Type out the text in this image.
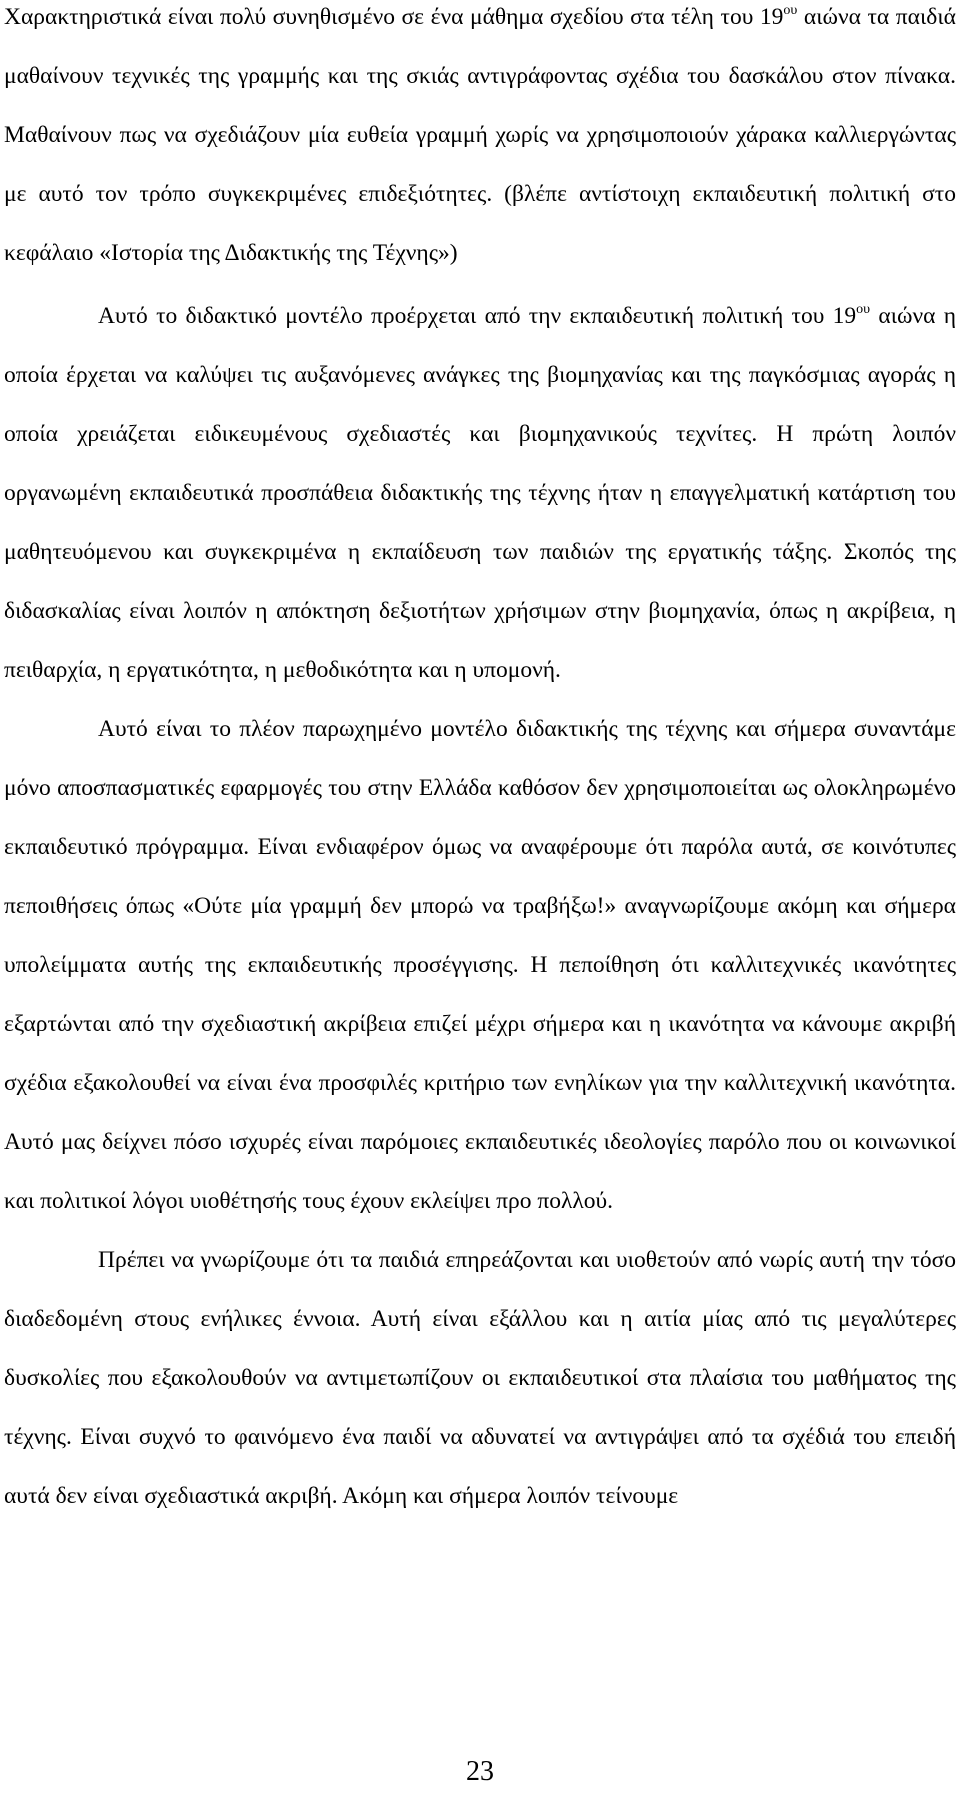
Χαρακτηριστικά είναι πολύ συνηθισμένο σε ένα μάθημα σχεδίου στα τέλη του $19^{o\upsilon}$ αιώνα τα παιδιά μαθαίνουν τεχνικές της γραμμής και της σκιάς αντιγράφοντας σχέδια του δασκάλου στον πίνακα. Μαθαίνουν πως να σχεδιάζουν μία ευθεία γραμμή χωρίς να χρησιμοποιούν χάρακα καλλιεργώντας με αυτό τον τρόπο συγκεκριμένες επιδεξιότητες. (βλέπε αντίστοιχη εκπαιδευτική πολιτική στο κεφάλαιο «Ιστορία της Διδακτικής της Τέχνης»)

Αυτό το διδακτικό μοντέλο προέρχεται από την εκπαιδευτική πολιτική του $19^{o\upsilon}$ αιώνα η οποία έρχεται να καλύψει τις αυξανόμενες ανάγκες της βιομηχανίας και της παγκόσμιας αγοράς η οποία χρειάζεται ειδικευμένους σχεδιαστές και βιομηχανικούς τεχνίτες. Η πρώτη λοιπόν οργανωμένη εκπαιδευτικά προσπάθεια διδακτικής της τέχνης ήταν η επαγγελματική κατάρτιση του μαθητευόμενου και συγκεκριμένα η εκπαίδευση των παιδιών της εργατικής τάξης. Σκοπός της διδασκαλίας είναι λοιπόν η απόκτηση δεξιοτήτων χρήσιμων στην βιομηχανία, όπως η ακρίβεια, η πειθαρχία, η εργατικότητα, η μεθοδικότητα και η υπομονή.

Αυτό είναι το πλέον παρωχημένο μοντέλο διδακτικής της τέχνης και σήμερα συναντάμε μόνο αποσπασματικές εφαρμογές του στην Ελλάδα καθόσον δεν χρησιμοποιείται ως ολοκληρωμένο εκπαιδευτικό πρόγραμμα. Είναι ενδιαφέρον όμως να αναφέρουμε ότι παρόλα αυτά, σε κοινότυπες πεποιθήσεις όπως «Ούτε μία γραμμή δεν μπορώ να τραβήξω!» αναγνωρίζουμε ακόμη και σήμερα υπολείμματα αυτής της εκπαιδευτικής προσέγγισης. Η πεποίθηση ότι καλλιτεχνικές ικανότητες εξαρτώνται από την σχεδιαστική ακρίβεια επιζεί μέχρι σήμερα και η ικανότητα να κάνουμε ακριβή σχέδια εξακολουθεί να είναι ένα προσφιλές κριτήριο των ενηλίκων για την καλλιτεχνική ικανότητα. Αυτό μας δείχνει πόσο ισχυρές είναι παρόμοιες εκπαιδευτικές ιδεολογίες παρόλο που οι κοινωνικοί και πολιτικοί λόγοι υιοθέτησής τους έχουν εκλείψει προ πολλού.

Πρέπει να γνωρίζουμε ότι τα παιδιά επηρεάζονται και υιοθετούν από νωρίς αυτή την τόσο διαδεδομένη στους ενήλικες έννοια. Αυτή είναι εξάλλου και η αιτία μίας από τις μεγαλύτερες δυσκολίες που εξακολουθούν να αντιμετωπίζουν οι εκπαιδευτικοί στα πλαίσια του μαθήματος της τέχνης. Είναι συχνό το φαινόμενο ένα παιδί να αδυνατεί να αντιγράψει από τα σχέδιά του επειδή αυτά δεν είναι σχεδιαστικά ακριβή. Ακόμη και σήμερα λοιπόν τείνουμε

23
